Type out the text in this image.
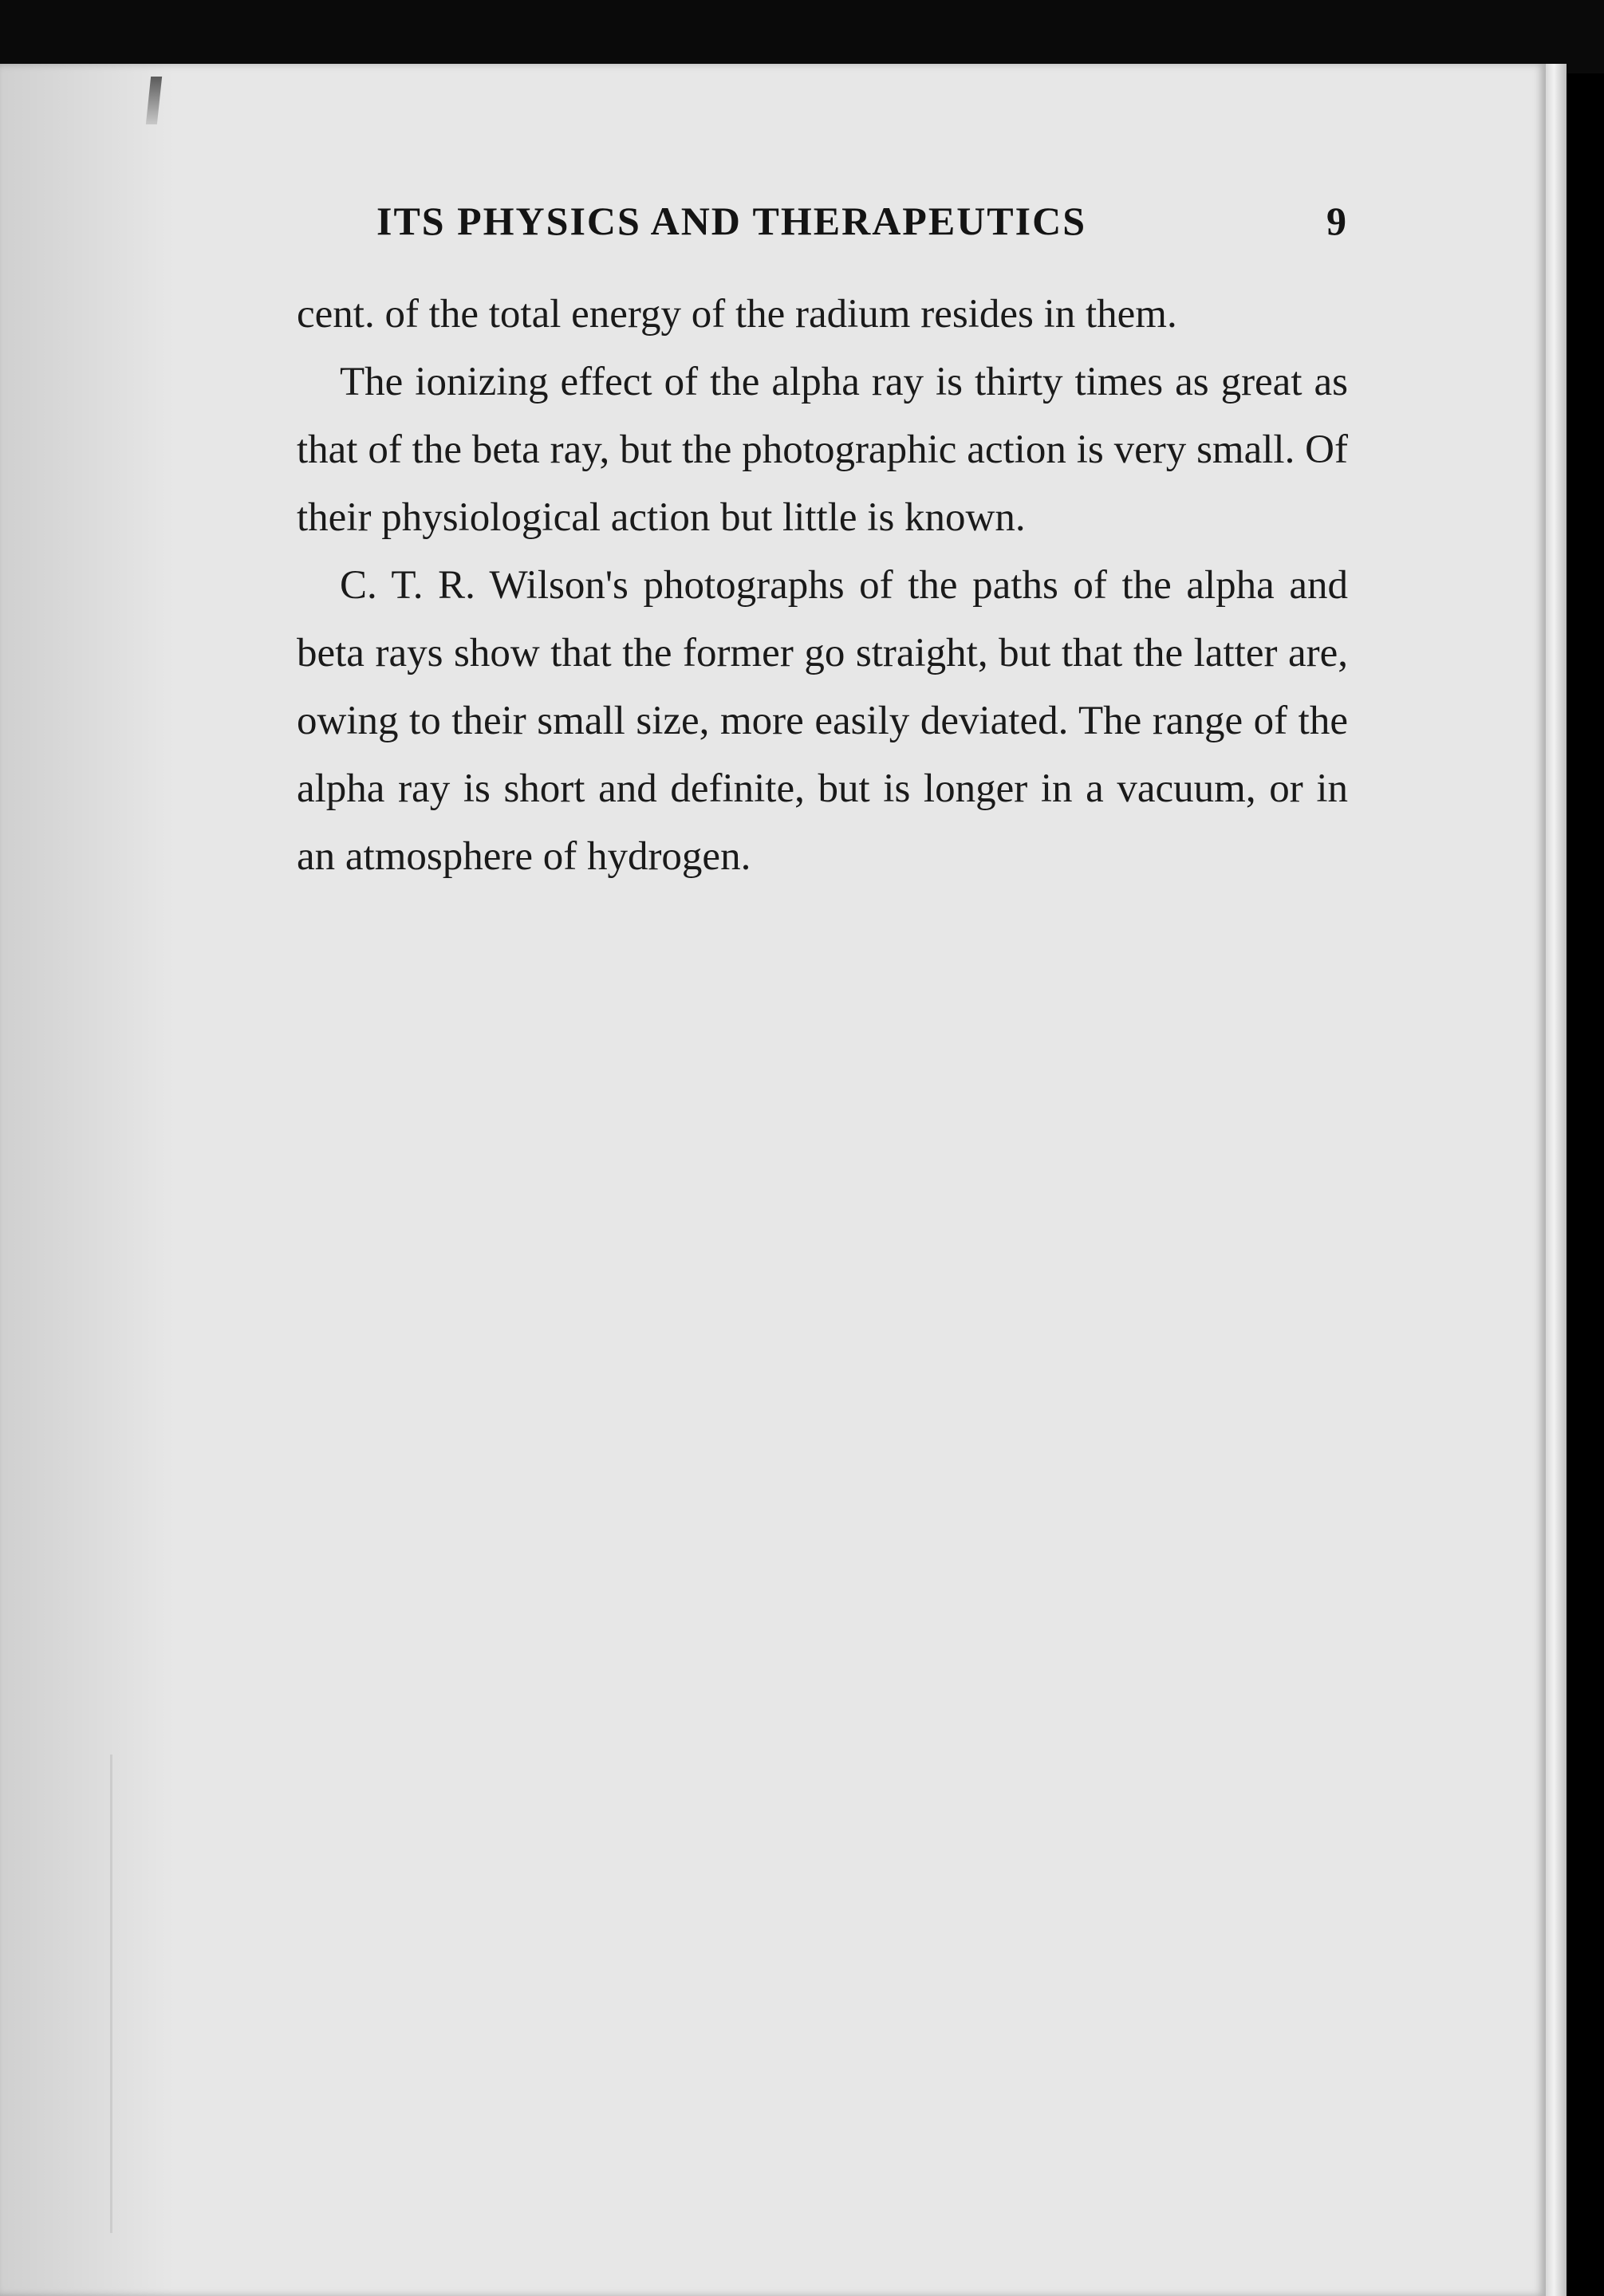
ITS PHYSICS AND THERAPEUTICS	9

cent. of the total energy of the radium resides in them.

The ionizing effect of the alpha ray is thirty times as great as that of the beta ray, but the photographic action is very small. Of their physiological action but little is known.

C. T. R. Wilson's photographs of the paths of the alpha and beta rays show that the former go straight, but that the latter are, owing to their small size, more easily deviated. The range of the alpha ray is short and definite, but is longer in a vacuum, or in an atmosphere of hydrogen.
